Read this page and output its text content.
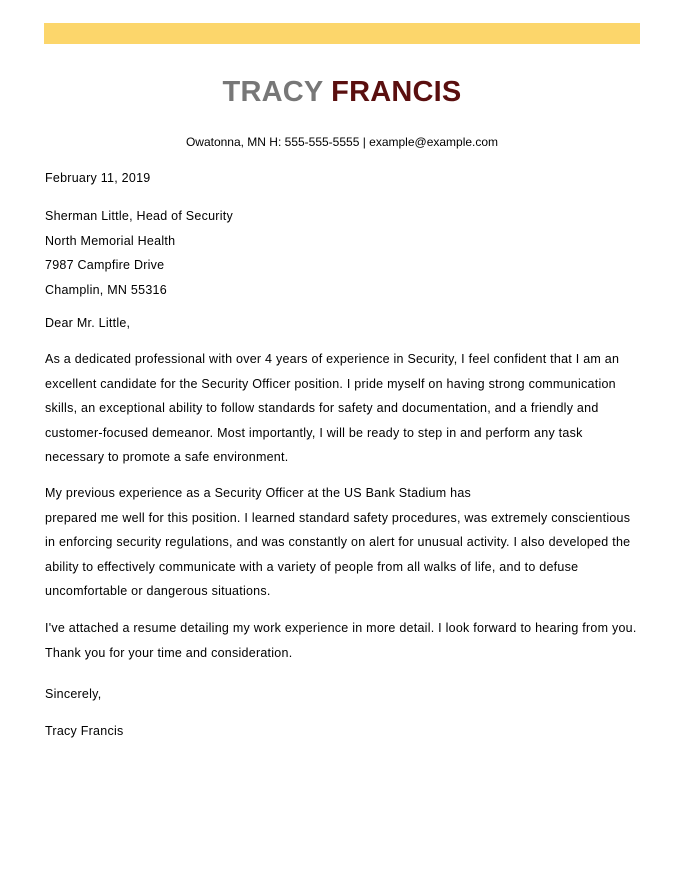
TRACY FRANCIS
Owatonna, MN H: 555-555-5555 | example@example.com
February 11, 2019
Sherman Little, Head of Security
North Memorial Health
7987 Campfire Drive
Champlin, MN 55316
Dear Mr. Little,
As a dedicated professional with over 4 years of experience in Security, I feel confident that I am an excellent candidate for the Security Officer position. I pride myself on having strong communication skills, an exceptional ability to follow standards for safety and documentation, and a friendly and customer-focused demeanor. Most importantly, I will be ready to step in and perform any task necessary to promote a safe environment.
My previous experience as a Security Officer at the US Bank Stadium has
prepared me well for this position. I learned standard safety procedures, was extremely conscientious in enforcing security regulations, and was constantly on alert for unusual activity. I also developed the ability to effectively communicate with a variety of people from all walks of life, and to defuse uncomfortable or dangerous situations.
I've attached a resume detailing my work experience in more detail. I look forward to hearing from you. Thank you for your time and consideration.
Sincerely,
Tracy Francis
